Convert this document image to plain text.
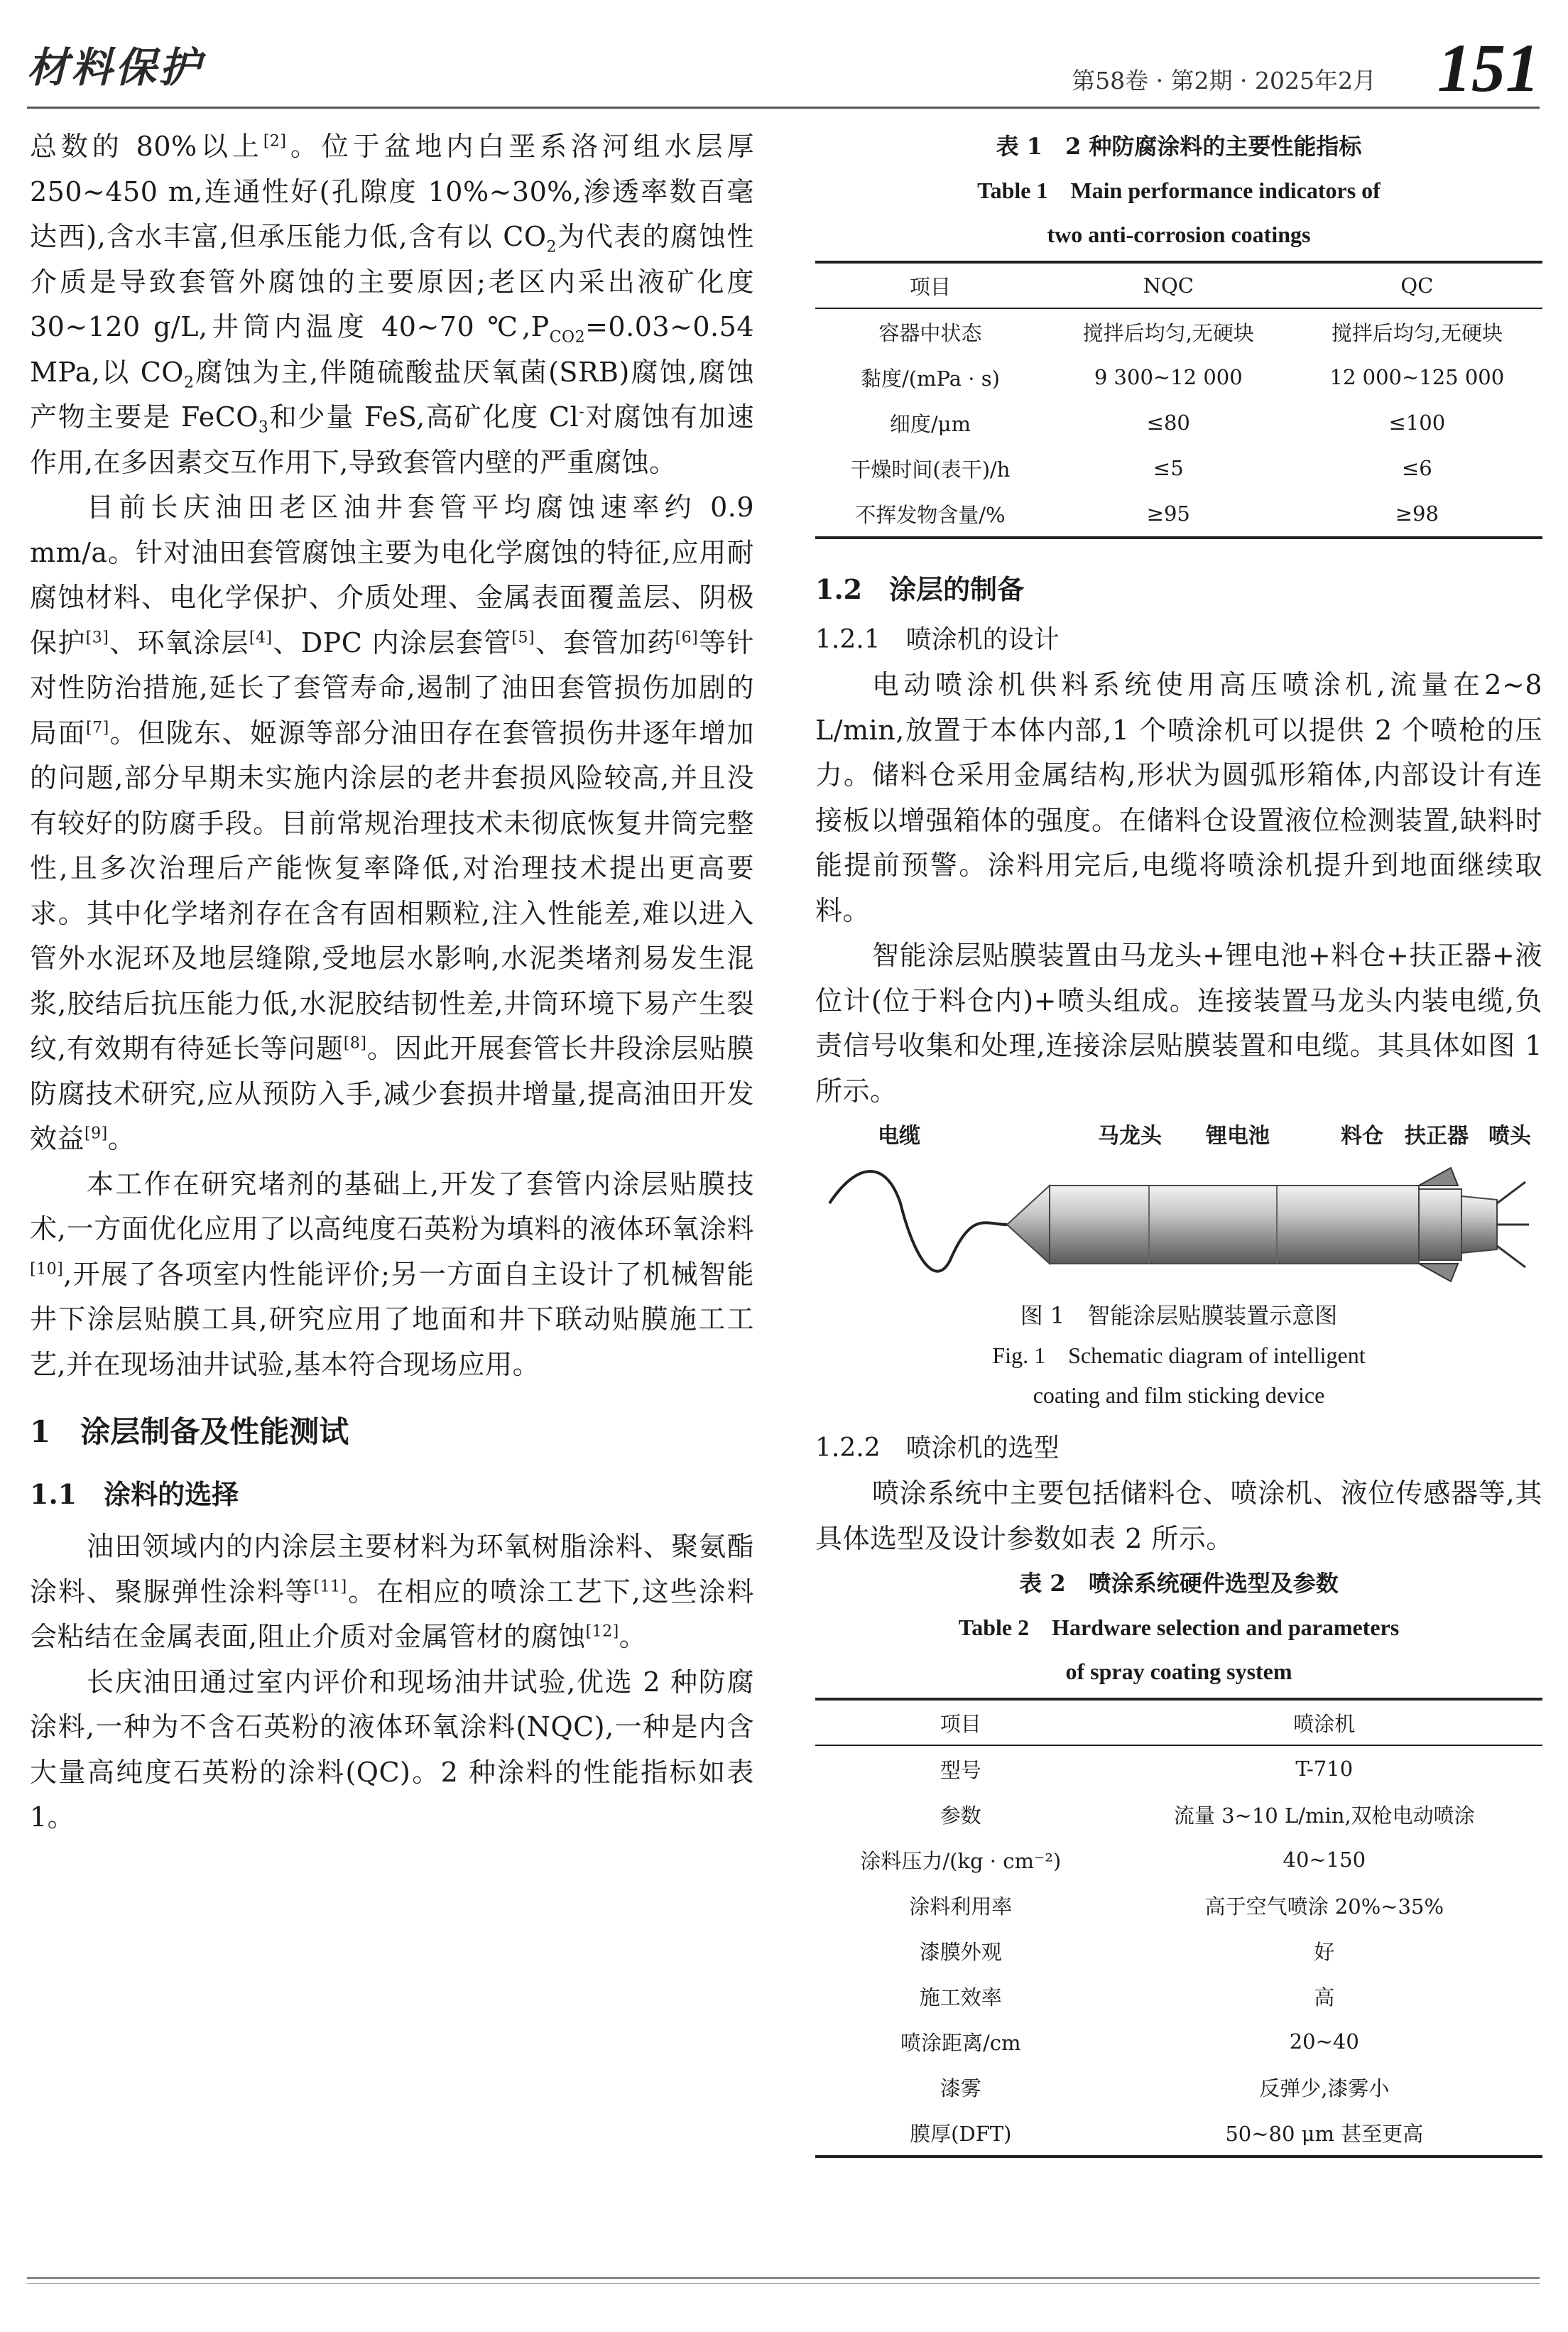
材料保护	第58卷 · 第2期 · 2025年2月 151

总数的 80%以上[2]。位于盆地内白垩系洛河组水层厚 250~450 m,连通性好(孔隙度 10%~30%,渗透率数百毫达西),含水丰富,但承压能力低,含有以 $CO_2$为代表的腐蚀性介质是导致套管外腐蚀的主要原因;老区内采出液矿化度 30~120 g/L,井筒内温度 40~70 $℃,P_{CO2}=0.03\sim 0.54$ MPa,以 $CO_2$腐蚀为主,伴随硫酸盐厌氧菌(SRB)腐蚀,腐蚀产物主要是 FeCO$_3$和少量 FeS,高矿化度 Cl-对腐蚀有加速作用,在多因素交互作用下,导致套管内壁的严重腐蚀。

目前长庆油田老区油井套管平均腐蚀速率约 0.9 mm/a。针对油田套管腐蚀主要为电化学腐蚀的特征,应用耐腐蚀材料、电化学保护、介质处理、金属表面覆盖层、阴极保护[3]、环氧涂层[4]、DPC 内涂层套管[5]、套管加药[6]等针对性防治措施,延长了套管寿命,遏制了油田套管损伤加剧的局面[7]。但陇东、姬源等部分油田存在套管损伤井逐年增加的问题,部分早期未实施内涂层的老井套损风险较高,并且没有较好的防腐手段。目前常规治理技术未彻底恢复井筒完整性,且多次治理后产能恢复率降低,对治理技术提出更高要求。其中化学堵剂存在含有固相颗粒,注入性能差,难以进入管外水泥环及地层缝隙,受地层水影响,水泥类堵剂易发生混浆,胶结后抗压能力低,水泥胶结韧性差,井筒环境下易产生裂纹,有效期有待延长等问题[8]。因此开展套管长井段涂层贴膜防腐技术研究,应从预防入手,减少套损井增量,提高油田开发效益[9]。

本工作在研究堵剂的基础上,开发了套管内涂层贴膜技术,一方面优化应用了以高纯度石英粉为填料的液体环氧涂料[10],开展了各项室内性能评价;另一方面自主设计了机械智能井下涂层贴膜工具,研究应用了地面和井下联动贴膜施工工艺,并在现场油井试验,基本符合现场应用。

1　涂层制备及性能测试
1.1　涂料的选择

油田领域内的内涂层主要材料为环氧树脂涂料、聚氨酯涂料、聚脲弹性涂料等[11]。在相应的喷涂工艺下,这些涂料会粘结在金属表面,阻止介质对金属管材的腐蚀[12]。

长庆油田通过室内评价和现场油井试验,优选 2 种防腐涂料,一种为不含石英粉的液体环氧涂料(NQC),一种是内含大量高纯度石英粉的涂料(QC)。2 种涂料的性能指标如表 1。

表 1　2 种防腐涂料的主要性能指标
Table 1　Main performance indicators of
two anti-corrosion coatings
项目	NQC	QC
容器中状态	搅拌后均匀,无硬块	搅拌后均匀,无硬块
黏度/(mPa · s)	9 300~12 000	12 000~125 000
细度/μm	≤80	≤100
干燥时间(表干)/h	≤5	≤6
不挥发物含量/%	≥95	≥98
1.2　涂层的制备
1.2.1　喷涂机的设计

电动喷涂机供料系统使用高压喷涂机,流量在2~8 L/min,放置于本体内部,1 个喷涂机可以提供 2 个喷枪的压力。储料仓采用金属结构,形状为圆弧形箱体,内部设计有连接板以增强箱体的强度。在储料仓设置液位检测装置,缺料时能提前预警。涂料用完后,电缆将喷涂机提升到地面继续取料。

智能涂层贴膜装置由马龙头+锂电池+料仓+扶正器+液位计(位于料仓内)+喷头组成。连接装置马龙头内装电缆,负责信号收集和处理,连接涂层贴膜装置和电缆。其具体如图 1 所示。

电缆	马龙头 锂电池	料仓 扶正器 喷头
图 1　智能涂层贴膜装置示意图
Fig. 1　Schematic diagram of intelligent
coating and film sticking device
1.2.2　喷涂机的选型

喷涂系统中主要包括储料仓、喷涂机、液位传感器等,其具体选型及设计参数如表 2 所示。

表 2　喷涂系统硬件选型及参数
Table 2　Hardware selection and parameters
of spray coating system
项目	喷涂机
型号	T-710
参数	流量 3~10 L/min,双枪电动喷涂
涂料压力/(kg · cm⁻²)	40~150
涂料利用率	高于空气喷涂 20%~35%
漆膜外观	好
施工效率	高
喷涂距离/cm	20~40
漆雾	反弹少,漆雾小
膜厚(DFT)	50~80 μm 甚至更高
